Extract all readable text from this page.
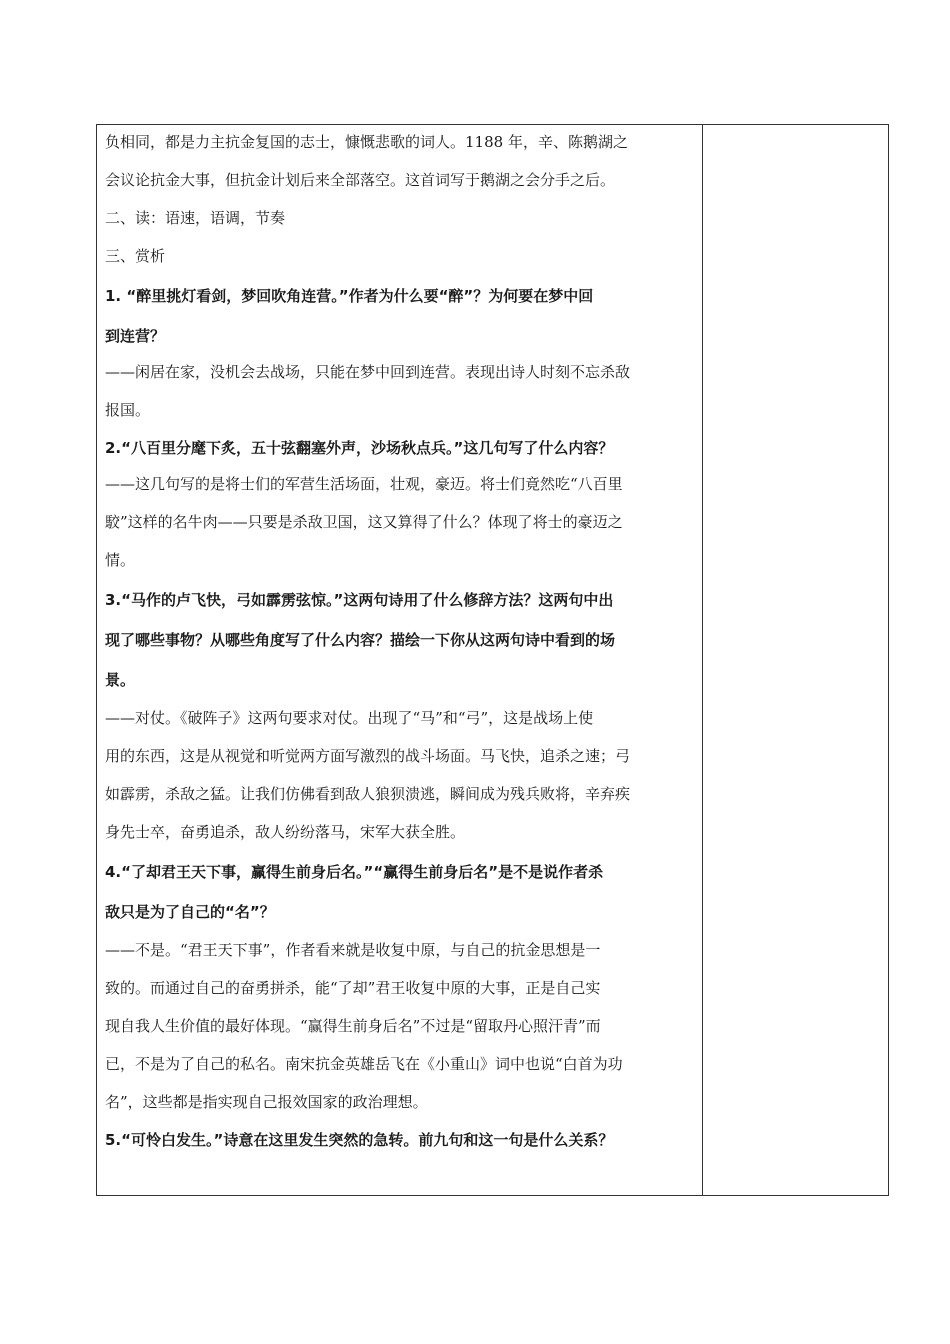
负相同，都是力主抗金复国的志士，慷慨悲歌的词人。1188 年，辛、陈鹅湖之
会议论抗金大事，但抗金计划后来全部落空。这首词写于鹅湖之会分手之后。
二、读：语速，语调，节奏
三、赏析
1. “醉里挑灯看剑，梦回吹角连营。”作者为什么要“醉”？为何要在梦中回
到连营？
——闲居在家，没机会去战场，只能在梦中回到连营。表现出诗人时刻不忘杀敌
报国。
2.“八百里分麾下炙，五十弦翻塞外声，沙场秋点兵。”这几句写了什么内容？
——这几句写的是将士们的军营生活场面，壮观，豪迈。将士们竟然吃“八百里
駮”这样的名牛肉——只要是杀敌卫国，这又算得了什么？体现了将士的豪迈之
情。
3.“马作的卢飞快，弓如霹雳弦惊。”这两句诗用了什么修辞方法？这两句中出
现了哪些事物？从哪些角度写了什么内容？描绘一下你从这两句诗中看到的场
景。
——对仗。《破阵子》这两句要求对仗。出现了“马”和“弓”，这是战场上使
用的东西，这是从视觉和听觉两方面写激烈的战斗场面。马飞快，追杀之速；弓
如霹雳，杀敌之猛。让我们仿佛看到敌人狼狈溃逃，瞬间成为残兵败将，辛弃疾
身先士卒，奋勇追杀，敌人纷纷落马，宋军大获全胜。
4.“了却君王天下事，赢得生前身后名。”“赢得生前身后名”是不是说作者杀
敌只是为了自己的“名”？
——不是。“君王天下事”，作者看来就是收复中原，与自己的抗金思想是一
致的。而通过自己的奋勇拼杀，能“了却”君王收复中原的大事，正是自己实
现自我人生价值的最好体现。“赢得生前身后名”不过是“留取丹心照汗青”而
已，不是为了自己的私名。南宋抗金英雄岳飞在《小重山》词中也说“白首为功
名”，这些都是指实现自己报效国家的政治理想。
5.“可怜白发生。”诗意在这里发生突然的急转。前九句和这一句是什么关系？
